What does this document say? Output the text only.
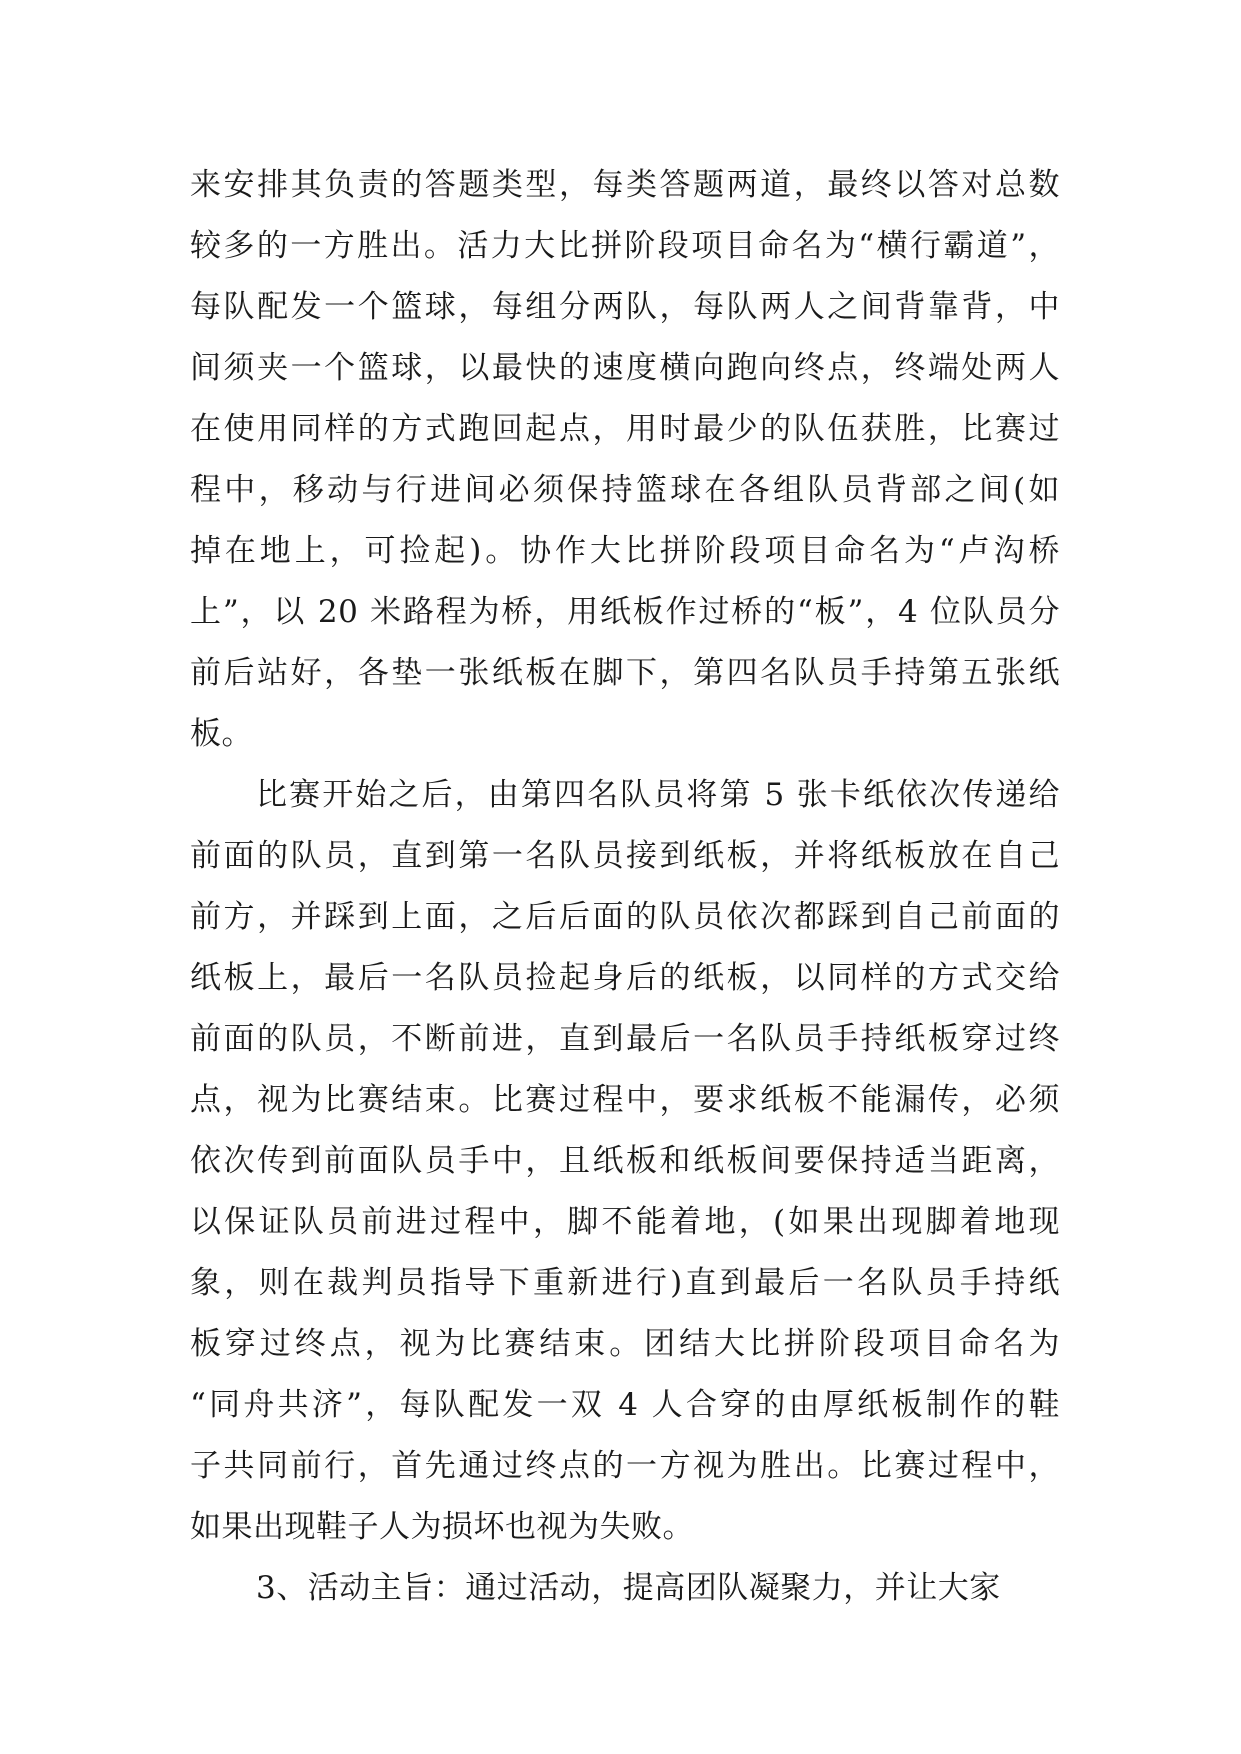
来安排其负责的答题类型，每类答题两道，最终以答对总数
较多的一方胜出。活力大比拼阶段项目命名为“横行霸道”，
每队配发一个篮球，每组分两队，每队两人之间背靠背，中
间须夹一个篮球，以最快的速度横向跑向终点，终端处两人
在使用同样的方式跑回起点，用时最少的队伍获胜，比赛过
程中，移动与行进间必须保持篮球在各组队员背部之间(如
掉在地上，可捡起)。协作大比拼阶段项目命名为“卢沟桥
上”，以 20 米路程为桥，用纸板作过桥的“板”，4 位队员分
前后站好，各垫一张纸板在脚下，第四名队员手持第五张纸
板。
比赛开始之后，由第四名队员将第 5 张卡纸依次传递给
前面的队员，直到第一名队员接到纸板，并将纸板放在自己
前方，并踩到上面，之后后面的队员依次都踩到自己前面的
纸板上，最后一名队员捡起身后的纸板，以同样的方式交给
前面的队员，不断前进，直到最后一名队员手持纸板穿过终
点，视为比赛结束。比赛过程中，要求纸板不能漏传，必须
依次传到前面队员手中，且纸板和纸板间要保持适当距离，
以保证队员前进过程中，脚不能着地，(如果出现脚着地现
象，则在裁判员指导下重新进行)直到最后一名队员手持纸
板穿过终点，视为比赛结束。团结大比拼阶段项目命名为
“同舟共济”，每队配发一双 4 人合穿的由厚纸板制作的鞋
子共同前行，首先通过终点的一方视为胜出。比赛过程中，
如果出现鞋子人为损坏也视为失败。
3、活动主旨：通过活动，提高团队凝聚力，并让大家
